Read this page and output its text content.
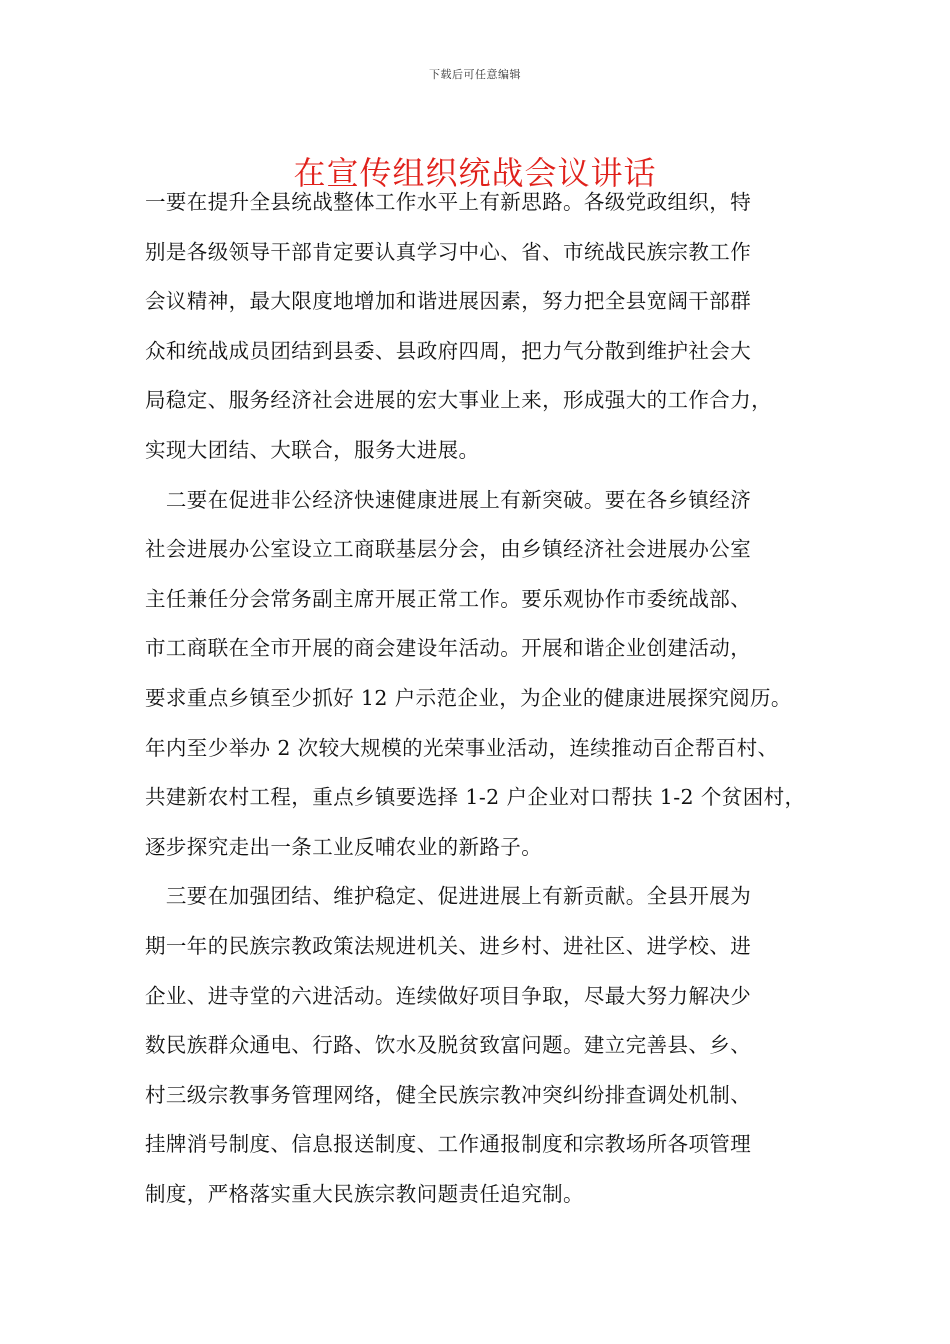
下载后可任意编辑
在宣传组织统战会议讲话
一要在提升全县统战整体工作水平上有新思路。各级党政组织，特
别是各级领导干部肯定要认真学习中心、省、市统战民族宗教工作
会议精神，最大限度地增加和谐进展因素，努力把全县宽阔干部群
众和统战成员团结到县委、县政府四周，把力气分散到维护社会大
局稳定、服务经济社会进展的宏大事业上来，形成强大的工作合力，
实现大团结、大联合，服务大进展。
　二要在促进非公经济快速健康进展上有新突破。要在各乡镇经济
社会进展办公室设立工商联基层分会，由乡镇经济社会进展办公室
主任兼任分会常务副主席开展正常工作。要乐观协作市委统战部、
市工商联在全市开展的商会建设年活动。开展和谐企业创建活动，
要求重点乡镇至少抓好 12 户示范企业，为企业的健康进展探究阅历。
年内至少举办 2 次较大规模的光荣事业活动，连续推动百企帮百村、
共建新农村工程，重点乡镇要选择 1-2 户企业对口帮扶 1-2 个贫困村，
逐步探究走出一条工业反哺农业的新路子。
　三要在加强团结、维护稳定、促进进展上有新贡献。全县开展为
期一年的民族宗教政策法规进机关、进乡村、进社区、进学校、进
企业、进寺堂的六进活动。连续做好项目争取，尽最大努力解决少
数民族群众通电、行路、饮水及脱贫致富问题。建立完善县、乡、
村三级宗教事务管理网络，健全民族宗教冲突纠纷排查调处机制、
挂牌消号制度、信息报送制度、工作通报制度和宗教场所各项管理
制度，严格落实重大民族宗教问题责任追究制。
